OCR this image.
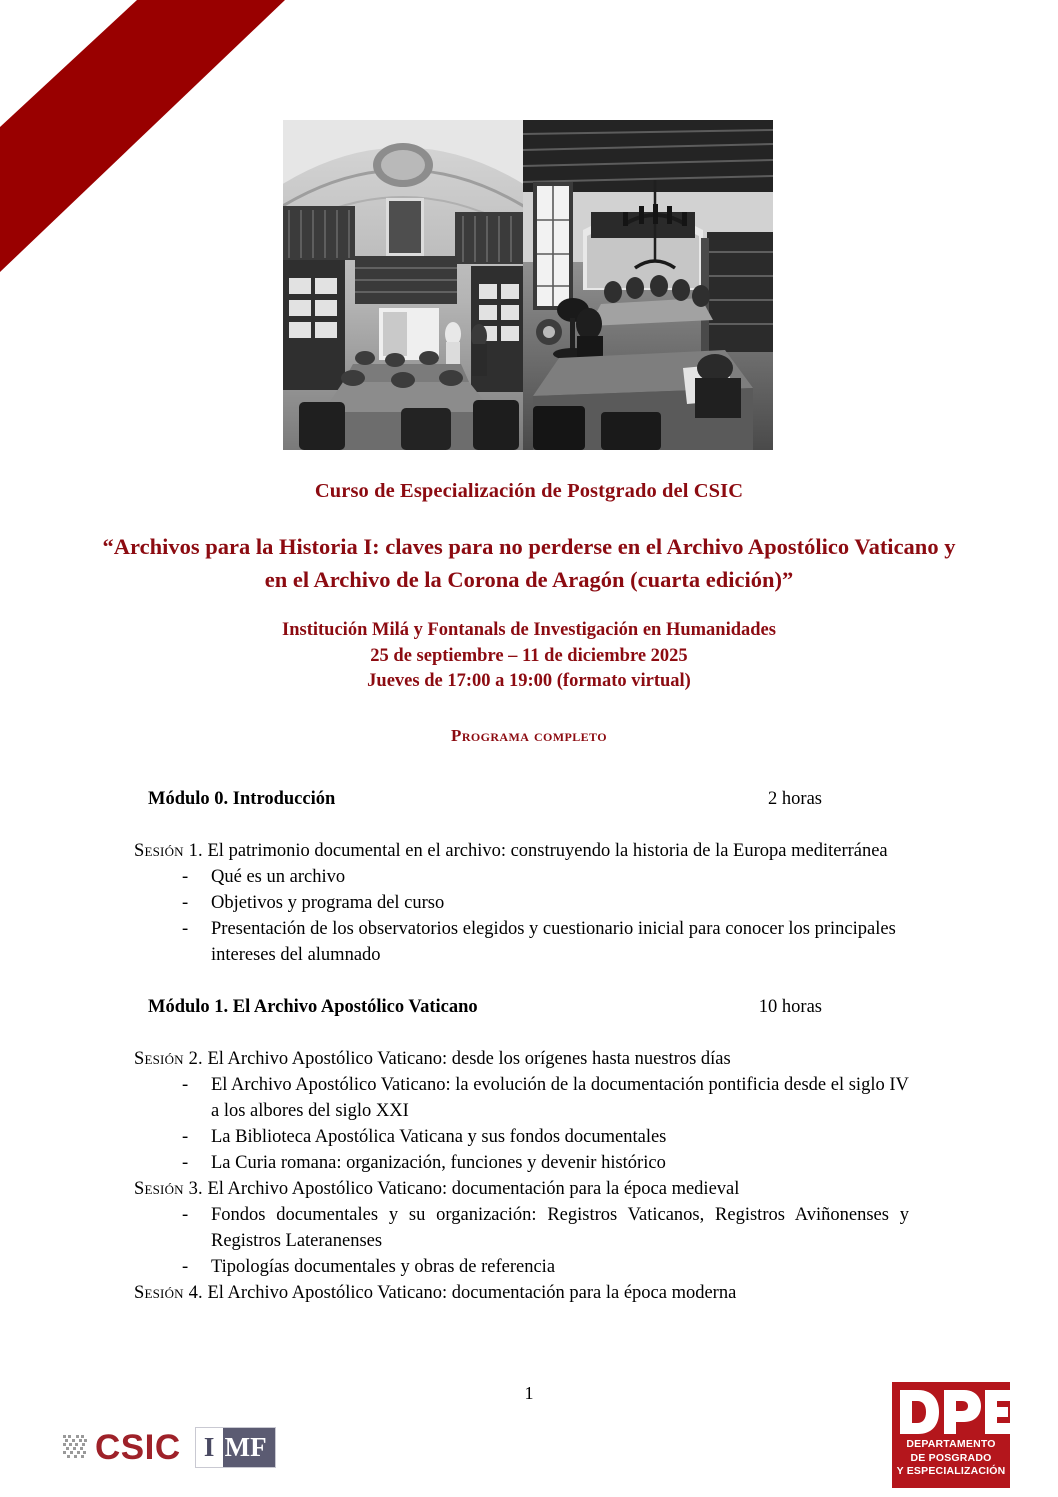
Curso de Especialización de Postgrado del CSIC
“Archivos para la Historia I: claves para no perderse en el Archivo Apostólico Vaticano y en el Archivo de la Corona de Aragón (cuarta edición)”
Institución Milá y Fontanals de Investigación en Humanidades
25 de septiembre – 11 de diciembre 2025
Jueves de 17:00 a 19:00 (formato virtual)
Programa completo
Módulo 0. Introducción	2 horas
Sesión 1. El patrimonio documental en el archivo: construyendo la historia de la Europa mediterránea
- Qué es un archivo
- Objetivos y programa del curso
- Presentación de los observatorios elegidos y cuestionario inicial para conocer los principales intereses del alumnado
Módulo 1. El Archivo Apostólico Vaticano	10 horas
Sesión 2. El Archivo Apostólico Vaticano: desde los orígenes hasta nuestros días
- El Archivo Apostólico Vaticano: la evolución de la documentación pontificia desde el siglo IV a los albores del siglo XXI
- La Biblioteca Apostólica Vaticana y sus fondos documentales
- La Curia romana: organización, funciones y devenir histórico
Sesión 3. El Archivo Apostólico Vaticano: documentación para la época medieval
- Fondos documentales y su organización: Registros Vaticanos, Registros Aviñonenses y Registros Lateranenses
- Tipologías documentales y obras de referencia
Sesión 4. El Archivo Apostólico Vaticano: documentación para la época moderna
1
CSIC I MF	DEPARTAMENTO
DE POSGRADO
Y ESPECIALIZACIÓN
